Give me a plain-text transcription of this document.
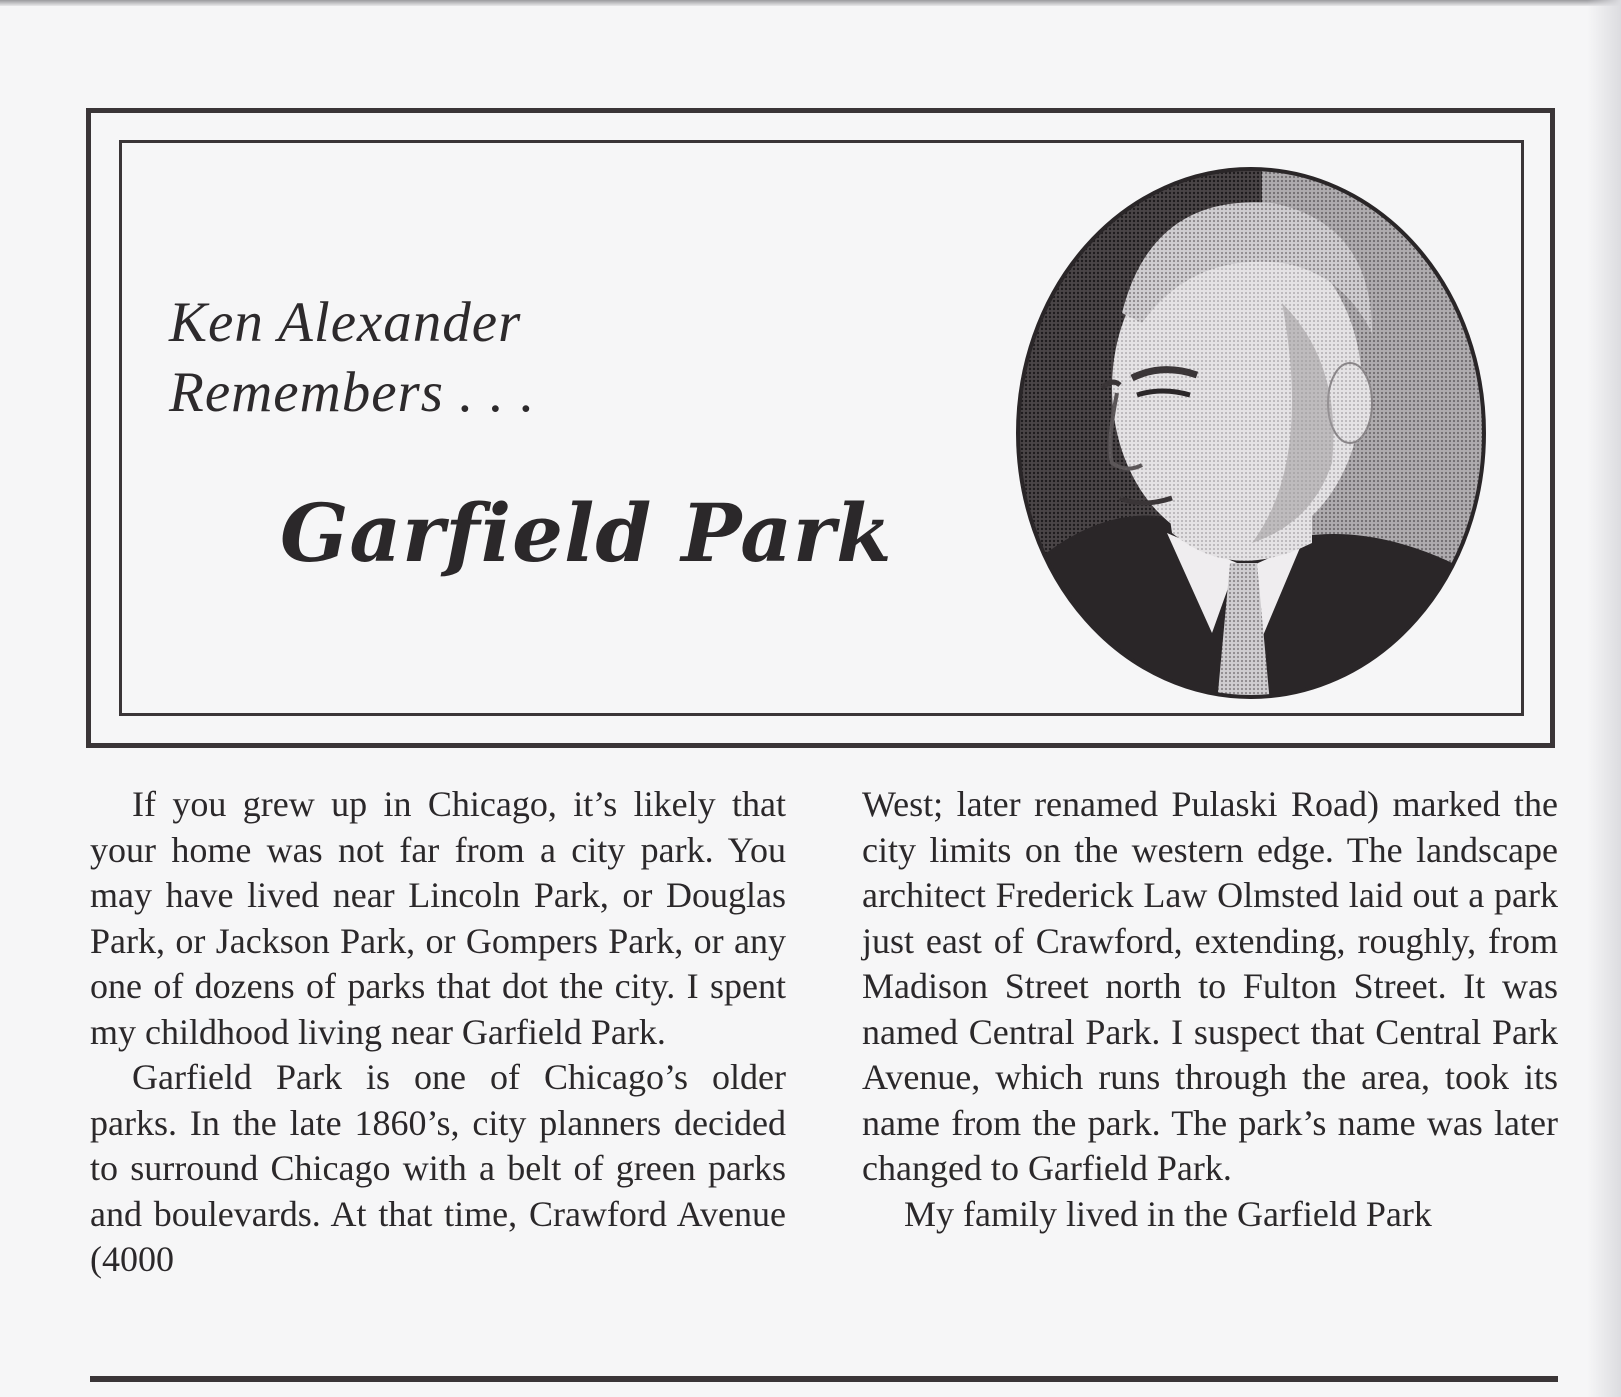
Ken Alexander
Remembers . . .
Garfield Park

If you grew up in Chicago, it’s likely that your home was not far from a city park. You may have lived near Lincoln Park, or Douglas Park, or Jackson Park, or Gompers Park, or any one of dozens of parks that dot the city. I spent my childhood living near Garfield Park.

Garfield Park is one of Chicago’s older parks. In the late 1860’s, city planners decided to surround Chicago with a belt of green parks and boulevards. At that time, Crawford Avenue (4000

West; later renamed Pulaski Road) marked the city limits on the western edge. The landscape architect Frederick Law Olmsted laid out a park just east of Crawford, extending, roughly, from Madison Street north to Fulton Street. It was named Central Park. I suspect that Central Park Avenue, which runs through the area, took its name from the park. The park’s name was later changed to Garfield Park.

My family lived in the Garfield Park
